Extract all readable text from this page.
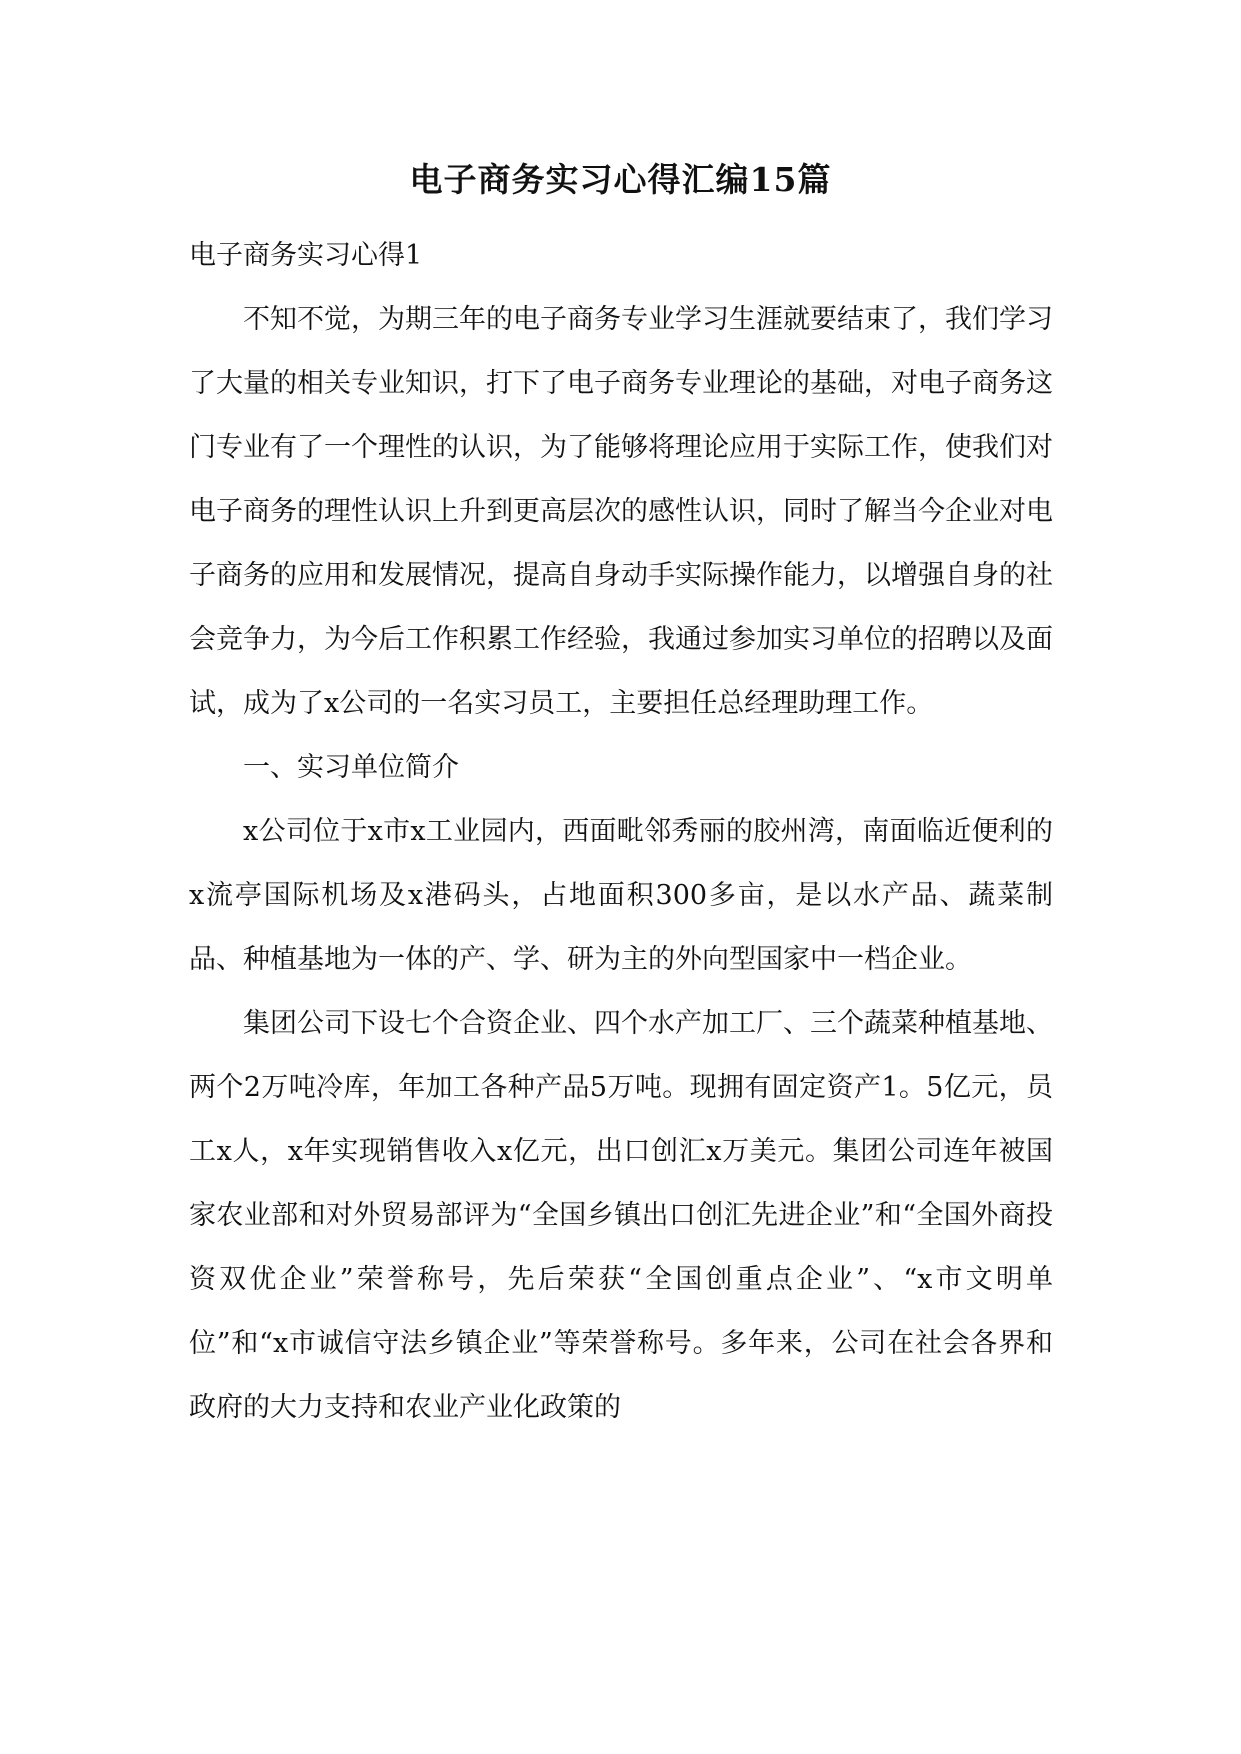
电子商务实习心得汇编15篇

电子商务实习心得1

不知不觉，为期三年的电子商务专业学习生涯就要结束了，我们学习了大量的相关专业知识，打下了电子商务专业理论的基础，对电子商务这门专业有了一个理性的认识，为了能够将理论应用于实际工作，使我们对电子商务的理性认识上升到更高层次的感性认识，同时了解当今企业对电子商务的应用和发展情况，提高自身动手实际操作能力，以增强自身的社会竞争力，为今后工作积累工作经验，我通过参加实习单位的招聘以及面试，成为了x公司的一名实习员工，主要担任总经理助理工作。

一、实习单位简介

x公司位于x市x工业园内，西面毗邻秀丽的胶州湾，南面临近便利的x流亭国际机场及x港码头，占地面积300多亩，是以水产品、蔬菜制品、种植基地为一体的产、学、研为主的外向型国家中一档企业。

集团公司下设七个合资企业、四个水产加工厂、三个蔬菜种植基地、两个2万吨冷库，年加工各种产品5万吨。现拥有固定资产1。5亿元，员工x人，x年实现销售收入x亿元，出口创汇x万美元。集团公司连年被国家农业部和对外贸易部评为“全国乡镇出口创汇先进企业”和“全国外商投资双优企业”荣誉称号，先后荣获“全国创重点企业”、“x市文明单位”和“x市诚信守法乡镇企业”等荣誉称号。多年来，公司在社会各界和政府的大力支持和农业产业化政策的
